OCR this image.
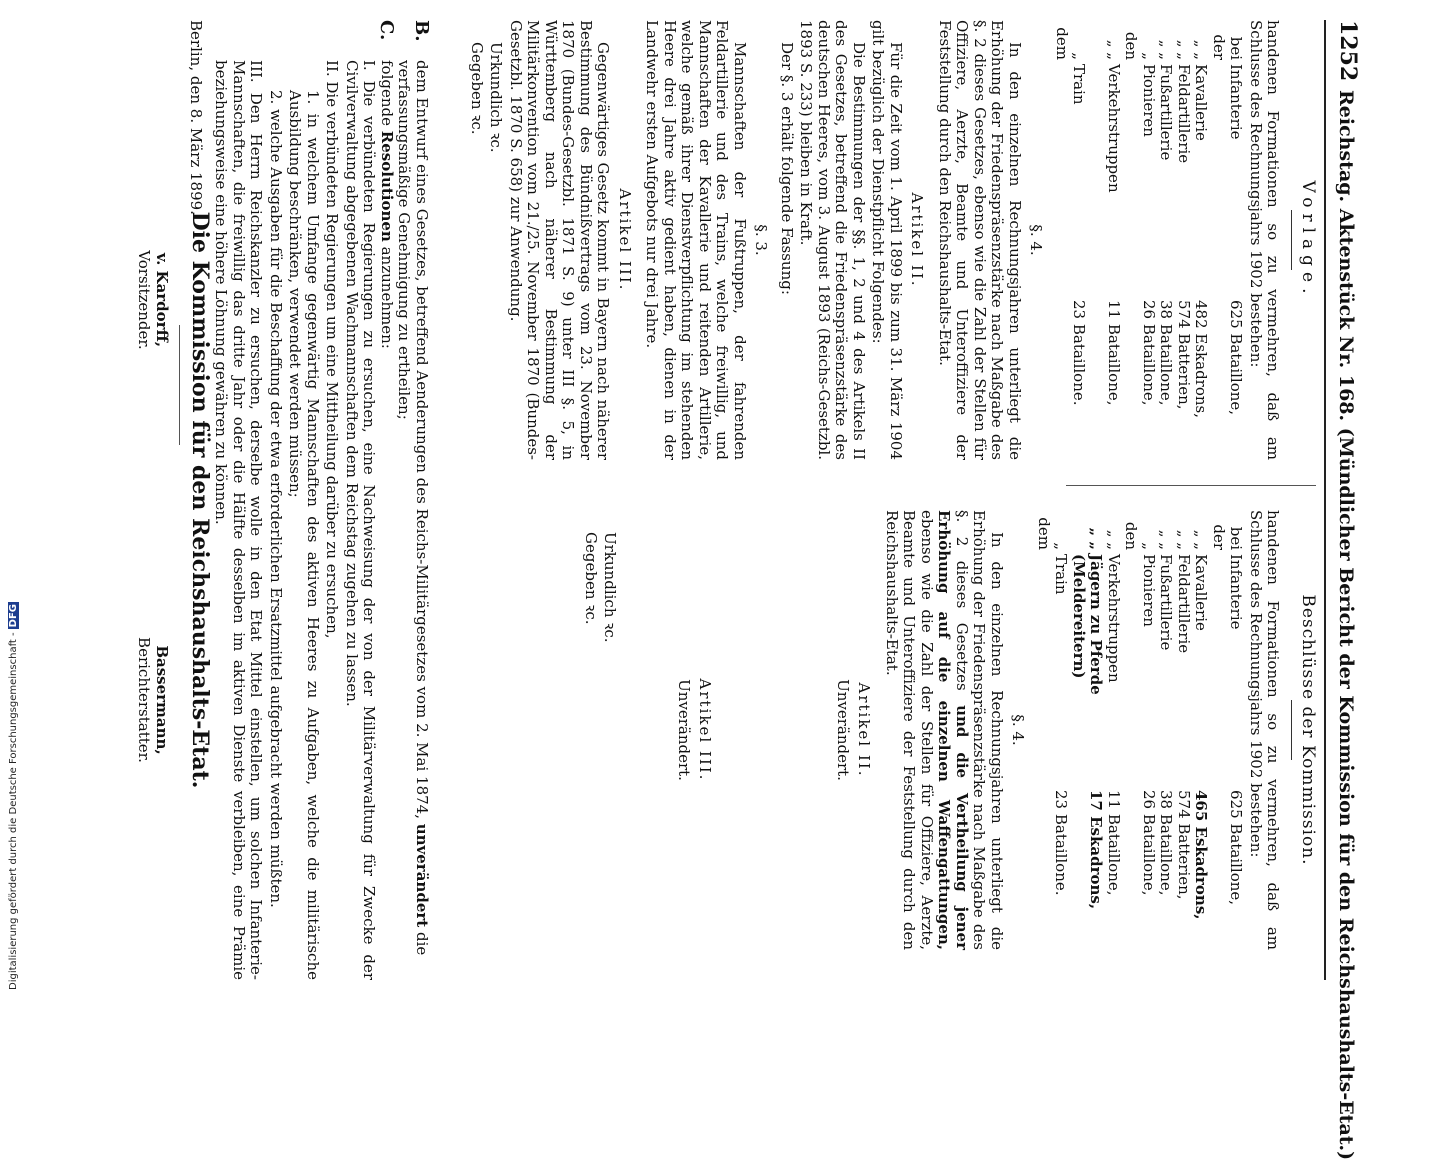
1252
Reichstag. Aktenstück Nr. 168. (Mündlicher Bericht der Kommission für den Reichshaushalts-Etat.)
Vorlage.

handenen Formationen so zu vermehren, daß am Schlusse des Rechnungsjahrs 1902 bestehen:

bei der
Infanterie
625 Bataillone,
„ „
Kavallerie
482 Eskadrons,
„ „
Feldartillerie
574 Batterien,
„ „
Fußartillerie
38 Bataillone,
„ den
Pionieren
26 Bataillone,
„ „
Verkehrstruppen
11 Bataillone,
„ dem
Train
23 Bataillone.
§. 4.

In den einzelnen Rechnungsjahren unterliegt die Erhöhung der Friedenspräsenzstärke nach Maßgabe des §. 2 dieses Gesetzes, ebenso wie die Zahl der Stellen für Offiziere, Aerzte, Beamte und Unteroffiziere der Feststellung durch den Reichshaushalts-Etat.

Artikel II.

Für die Zeit vom 1. April 1899 bis zum 31. März 1904 gilt bezüglich der Dienstpflicht Folgendes:

Die Bestimmungen der §§. 1, 2 und 4 des Artikels II des Gesetzes, betreffend die Friedenspräsenzstärke des deutschen Heeres, vom 3. August 1893 (Reichs-Gesetzbl. 1893 S. 233) bleiben in Kraft.

Der §. 3 erhält folgende Fassung:

§. 3.

Mannschaften der Fußtruppen, der fahrenden Feldartillerie und des Trains, welche freiwillig, und Mannschaften der Kavallerie und reitenden Artillerie, welche gemäß ihrer Dienstverpflichtung im stehenden Heere drei Jahre aktiv gedient haben, dienen in der Landwehr ersten Aufgebots nur drei Jahre.

Artikel III.

Gegenwärtiges Gesetz kommt in Bayern nach näherer Bestimmung des Bündnißvertrags vom 23. November 1870 (Bundes-Gesetzbl. 1871 S. 9) unter III §. 5, in Württemberg nach näherer Bestimmung der Militärkonvention vom 21./25. November 1870 (Bundes-Gesetzbl. 1870 S. 658) zur Anwendung.

Urkundlich ꝛc.

Gegeben ꝛc.

Beschlüsse der Kommission.

handenen Formationen so zu vermehren, daß am Schlusse des Rechnungsjahrs 1902 bestehen:

bei der
Infanterie
625 Bataillone,
„ „
Kavallerie
465 Eskadrons,
„ „
Feldartillerie
574 Batterien,
„ „
Fußartillerie
38 Bataillone,
„ den
Pionieren
26 Bataillone,
„ „
Verkehrstruppen
11 Bataillone,
„ „
Jägern zu Pferde (Meldereitern)
17 Eskadrons,
„ dem
Train
23 Bataillone.
§. 4.

In den einzelnen Rechnungsjahren unterliegt die Erhöhung der Friedenspräsenzstärke nach Maßgabe des §. 2 dieses Gesetzes und die Vertheilung jener Erhöhung auf die einzelnen Waffengattungen, ebenso wie die Zahl der Stellen für Offiziere, Aerzte, Beamte und Unteroffiziere der Feststellung durch den Reichshaushalts-Etat.

Artikel II.

Unverändert.

Artikel III.

Unverändert.

Urkundlich ꝛc.

Gegeben ꝛc.

B.
dem Entwurf eines Gesetzes, betreffend Aenderungen des Reichs-Militärgesetzes vom 2. Mai 1874, unverändert die verfassungsmäßige Genehmigung zu ertheilen;
C.
folgende Resolutionen anzunehmen:

I. Die verbündeten Regierungen zu ersuchen, eine Nachweisung der von der Militärverwaltung für Zwecke der Civilverwaltung abgegebenen Wachmannschaften dem Reichstag zugehen zu lassen.

II. Die verbündeten Regierungen um eine Mittheilung darüber zu ersuchen,

1. in welchem Umfange gegenwärtig Mannschaften des aktiven Heeres zu Aufgaben, welche die militärische Ausbildung beschränken, verwendet werden müssen;

2. welche Ausgaben für die Beschaffung der etwa erforderlichen Ersatzmittel aufgebracht werden müßten.

III. Den Herrn Reichskanzler zu ersuchen, derselbe wolle in den Etat Mittel einstellen, um solchen Infanterie-Mannschaften, die freiwillig das dritte Jahr oder die Hälfte desselben im aktiven Dienste verbleiben, eine Prämie beziehungsweise eine höhere Löhnung gewähren zu können.

Berlin, den 8. März 1899.

Die Kommission für den Reichshaushalts-Etat.
v. Kardorff,
Vorsitzender.
Bassermann,
Berichterstatter.
Digitalisierung gefördert durch die Deutsche Forschungsgemeinschaft -DFG
